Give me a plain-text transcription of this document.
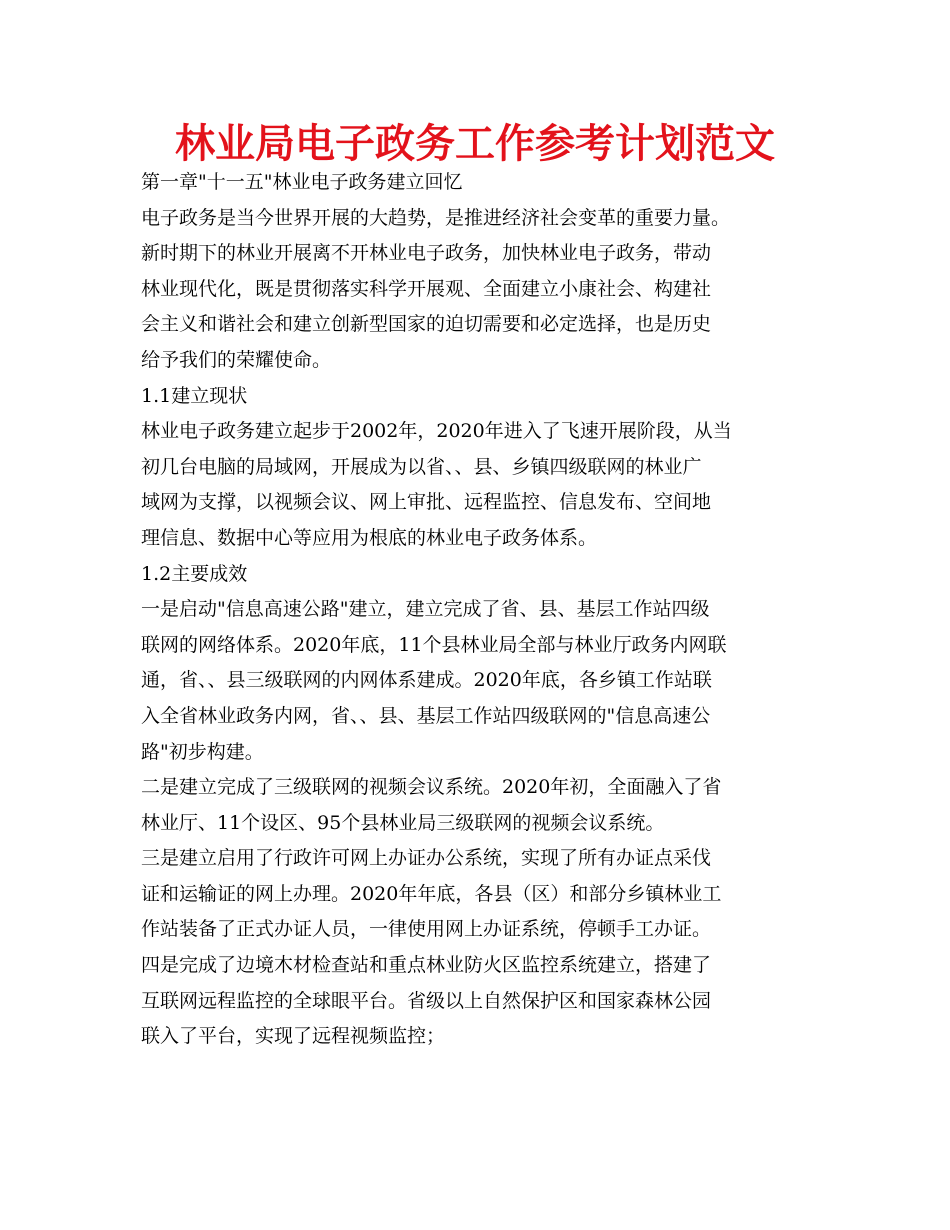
林业局电子政务工作参考计划范文

第一章"十一五"林业电子政务建立回忆

电子政务是当今世界开展的大趋势，是推进经济社会变革的重要力量。

新时期下的林业开展离不开林业电子政务，加快林业电子政务，带动

林业现代化，既是贯彻落实科学开展观、全面建立小康社会、构建社

会主义和谐社会和建立创新型国家的迫切需要和必定选择，也是历史

给予我们的荣耀使命。

1.1建立现状

林业电子政务建立起步于2002年，2020年进入了飞速开展阶段，从当

初几台电脑的局域网，开展成为以省、、县、乡镇四级联网的林业广

域网为支撑，以视频会议、网上审批、远程监控、信息发布、空间地

理信息、数据中心等应用为根底的林业电子政务体系。

1.2主要成效

一是启动"信息高速公路"建立，建立完成了省、县、基层工作站四级

联网的网络体系。2020年底，11个县林业局全部与林业厅政务内网联

通，省、、县三级联网的内网体系建成。2020年底，各乡镇工作站联

入全省林业政务内网，省、、县、基层工作站四级联网的"信息高速公

路"初步构建。

二是建立完成了三级联网的视频会议系统。2020年初，全面融入了省

林业厅、11个设区、95个县林业局三级联网的视频会议系统。

三是建立启用了行政许可网上办证办公系统，实现了所有办证点采伐

证和运输证的网上办理。2020年年底，各县（区）和部分乡镇林业工

作站装备了正式办证人员，一律使用网上办证系统，停顿手工办证。

四是完成了边境木材检查站和重点林业防火区监控系统建立，搭建了

互联网远程监控的全球眼平台。省级以上自然保护区和国家森林公园

联入了平台，实现了远程视频监控；
